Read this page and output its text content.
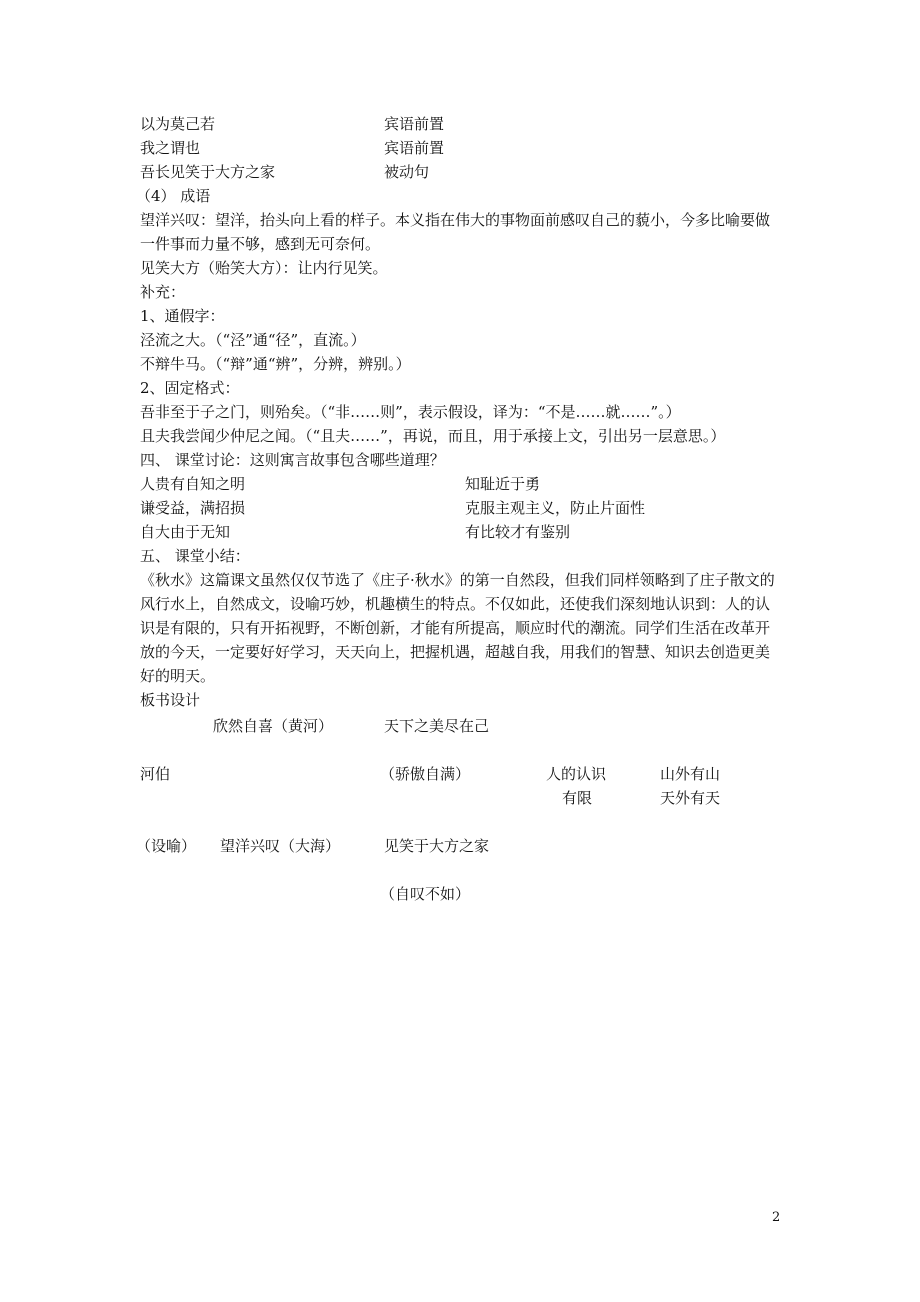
以为莫己若	宾语前置
我之谓也	宾语前置
吾长见笑于大方之家	被动句
（4） 成语
望洋兴叹：望洋，抬头向上看的样子。本义指在伟大的事物面前感叹自己的藐小，今多比喻要做一件事而力量不够，感到无可奈何。
见笑大方（贻笑大方）：让内行见笑。
补充：
1、通假字：
泾流之大。（“泾”通“径”，直流。）
不辩牛马。（“辩”通“辨”，分辨，辨别。）
2、固定格式：
吾非至于子之门，则殆矣。（“非……则”，表示假设，译为：“不是……就……”。）
且夫我尝闻少仲尼之闻。（“且夫……”，再说，而且，用于承接上文，引出另一层意思。）
四、 课堂讨论：这则寓言故事包含哪些道理？
人贵有自知之明	知耻近于勇
谦受益，满招损	克服主观主义，防止片面性
自大由于无知	有比较才有鉴别
五、 课堂小结：
《秋水》这篇课文虽然仅仅节选了《庄子·秋水》的第一自然段，但我们同样领略到了庄子散文的风行水上，自然成文，设喻巧妙，机趣横生的特点。不仅如此，还使我们深刻地认识到：人的认识是有限的，只有开拓视野，不断创新，才能有所提高，顺应时代的潮流。同学们生活在改革开放的今天，一定要好好学习，天天向上，把握机遇，超越自我，用我们的智慧、知识去创造更美好的明天。
板书设计
欣然自喜（黄河）	天下之美尽在己
河伯	（骄傲自满）	人的认识	山外有山
有限	天外有天
（设喻） 望洋兴叹（大海）	见笑于大方之家
（自叹不如）
2
